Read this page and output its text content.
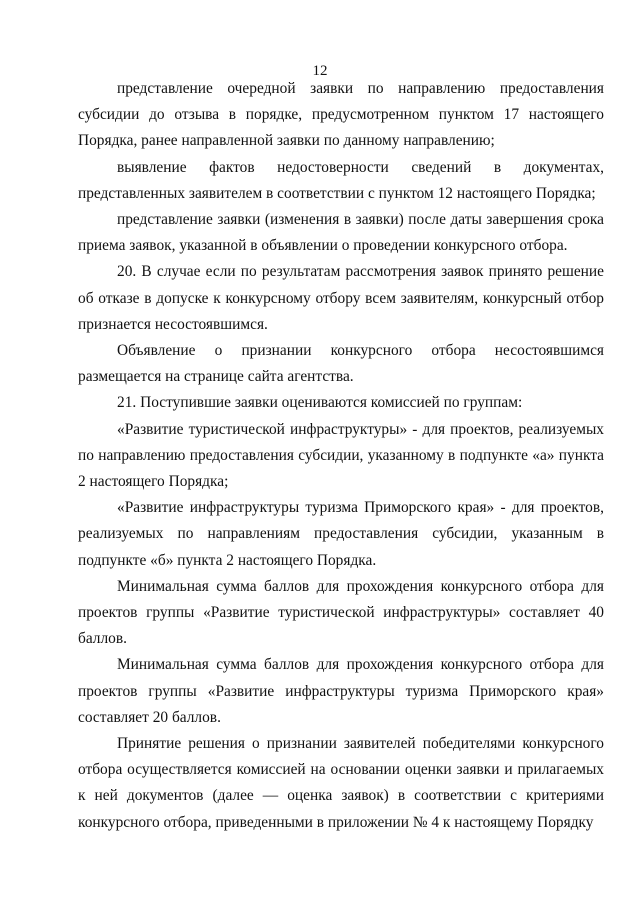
12

представление очередной заявки по направлению предоставления субсидии до отзыва в порядке, предусмотренном пунктом 17 настоящего Порядка, ранее направленной заявки по данному направлению;

выявление фактов недостоверности сведений в документах, представленных заявителем в соответствии с пунктом 12 настоящего Порядка;

представление заявки (изменения в заявки) после даты завершения срока приема заявок, указанной в объявлении о проведении конкурсного отбора.

20. В случае если по результатам рассмотрения заявок принято решение об отказе в допуске к конкурсному отбору всем заявителям, конкурсный отбор признается несостоявшимся.

Объявление о признании конкурсного отбора несостоявшимся размещается на странице сайта агентства.

21. Поступившие заявки оцениваются комиссией по группам:

«Развитие туристической инфраструктуры» - для проектов, реализуемых по направлению предоставления субсидии, указанному в подпункте «а» пункта 2 настоящего Порядка;

«Развитие инфраструктуры туризма Приморского края» - для проектов, реализуемых по направлениям предоставления субсидии, указанным в подпункте «б» пункта 2 настоящего Порядка.

Минимальная сумма баллов для прохождения конкурсного отбора для проектов группы «Развитие туристической инфраструктуры» составляет 40 баллов.

Минимальная сумма баллов для прохождения конкурсного отбора для проектов группы «Развитие инфраструктуры туризма Приморского края» составляет 20 баллов.

Принятие решения о признании заявителей победителями конкурсного отбора осуществляется комиссией на основании оценки заявки и прилагаемых к ней документов (далее — оценка заявок) в соответствии с критериями конкурсного отбора, приведенными в приложении № 4 к настоящему Порядку
